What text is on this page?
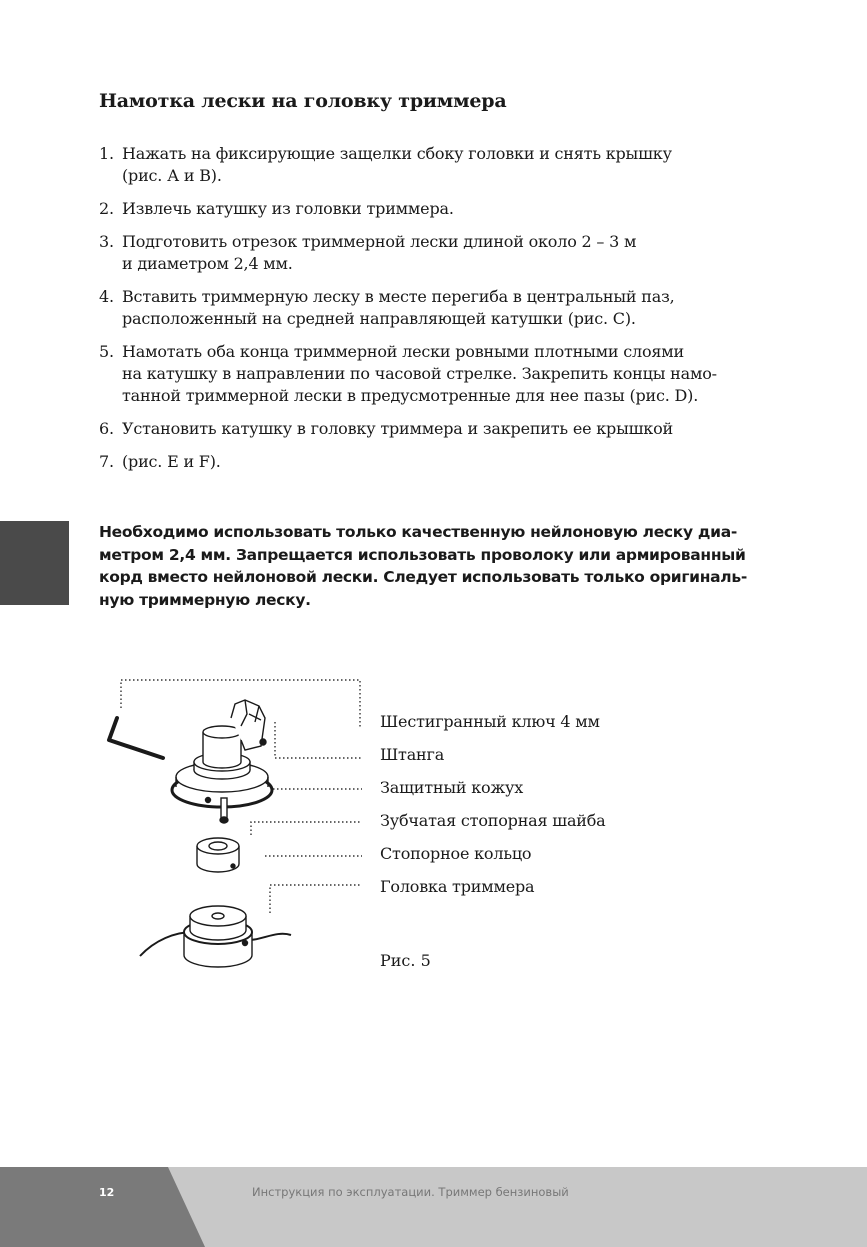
Намотка лески на головку триммера
1. Нажать на фиксирующие защелки сбоку головки и снять крышку
(рис. А и В).
2. Извлечь катушку из головки триммера.
3. Подготовить отрезок триммерной лески длиной около 2 – 3 м
и диаметром 2,4 мм.
4. Вставить триммерную леску в месте перегиба в центральный паз,
расположенный на средней направляющей катушки (рис. С).
5. Намотать оба конца триммерной лески ровными плотными слоями
на катушку в направлении по часовой стрелке. Закрепить концы намо-
танной триммерной лески в предусмотренные для нее пазы (рис. D).
6. Установить катушку в головку триммера и закрепить ее крышкой
7. (рис. E и F).

Необходимо использовать только качественную нейлоновую леску диа-
метром 2,4 мм. Запрещается использовать проволоку или армированный
корд вместо нейлоновой лески. Следует использовать только оригиналь-
ную триммерную леску.

Шестигранный ключ 4 мм
Штанга
Защитный кожух
Зубчатая стопорная шайба
Стопорное кольцо
Головка триммера
Рис. 5
12	Инструкция по эксплуатации. Триммер бензиновый
